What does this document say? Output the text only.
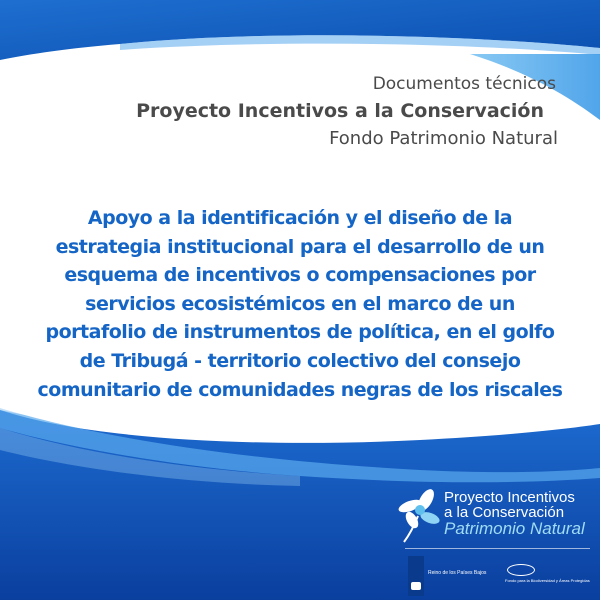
Documentos técnicos
Proyecto Incentivos a la Conservación
Fondo Patrimonio Natural
Apoyo a la identificación y el diseño de la
estrategia institucional para el desarrollo de un
esquema de incentivos o compensaciones por
servicios ecosistémicos en el marco de un
portafolio de instrumentos de política, en el golfo
de Tribugá - territorio colectivo del consejo
comunitario de comunidades negras de los riscales
Proyecto Incentivos
a la Conservación
Patrimonio Natural
Reino de los Países Bajos
Fondo para la Biodiversidad y Áreas Protegidas
